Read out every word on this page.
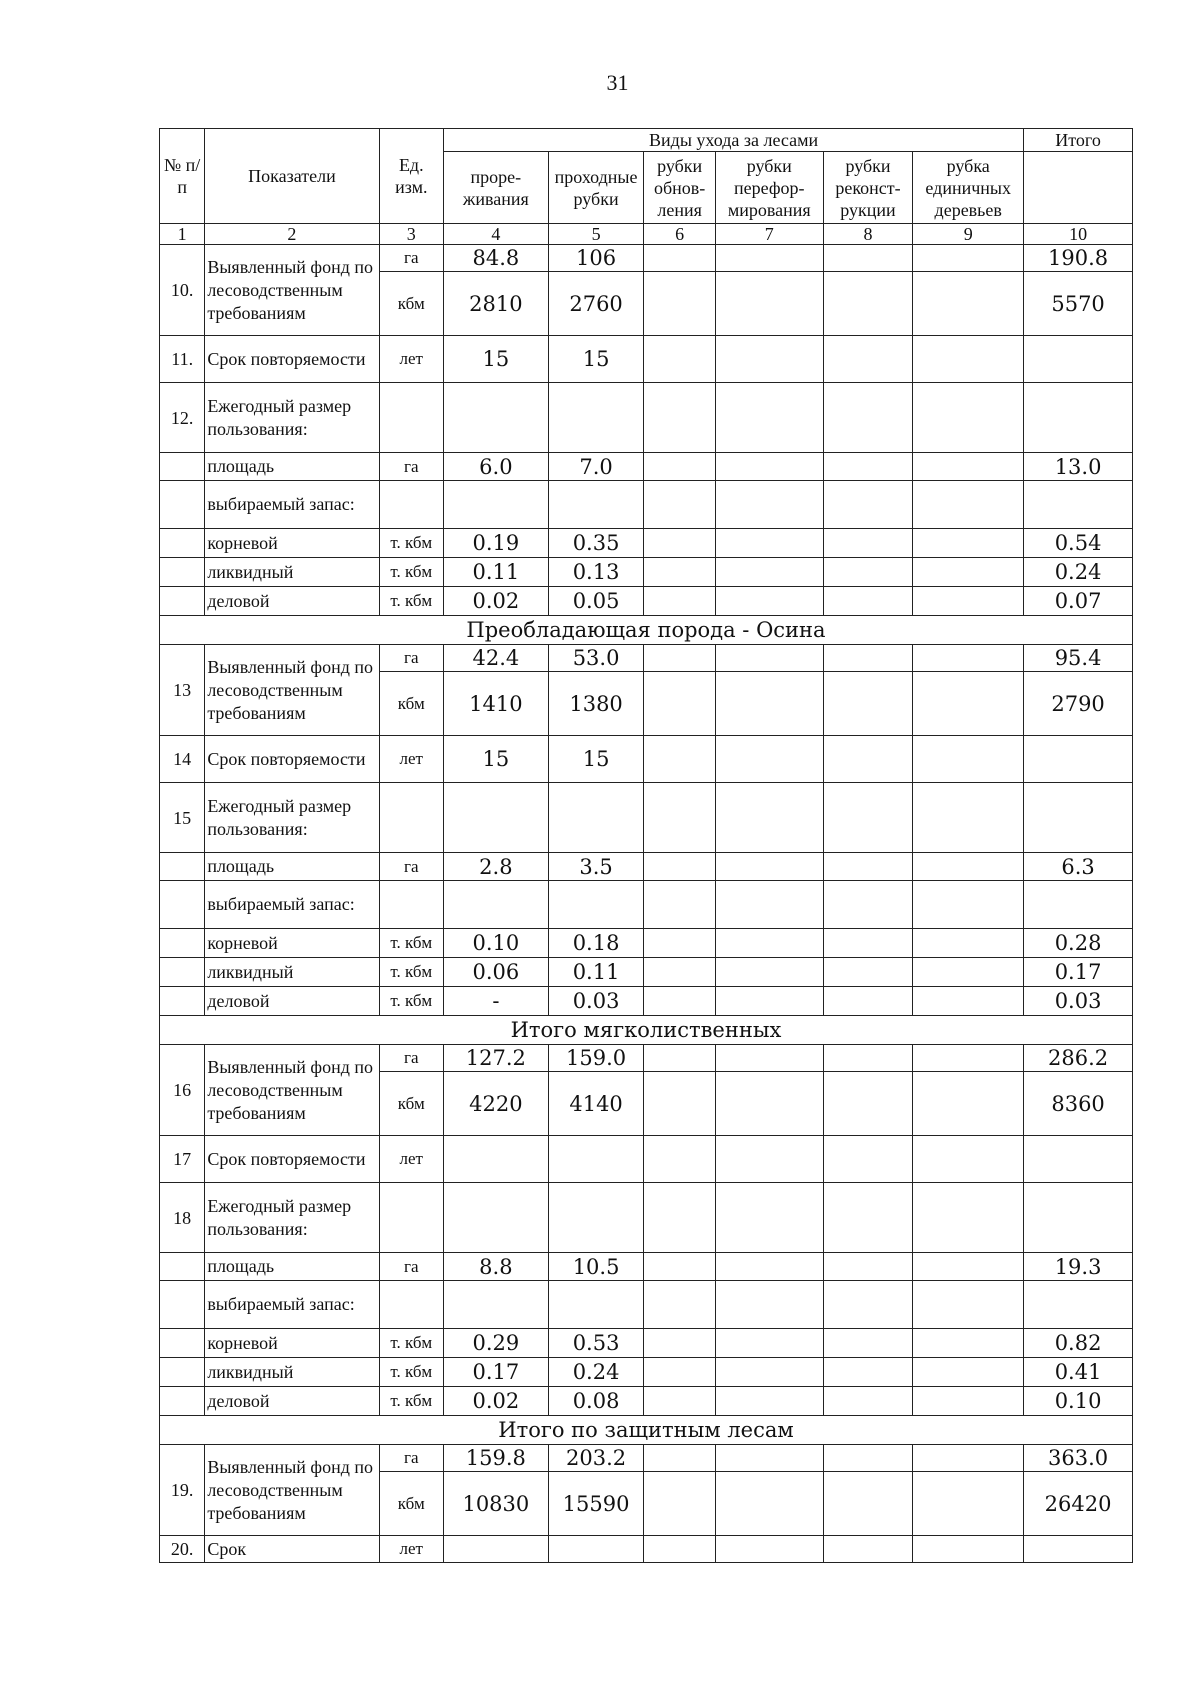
31
№ п/п	Показатели	Ед. изм.	Виды ухода за лесами						Итого
			проре-живания	проходные рубки	рубки обнов-ления	рубки перефор-мирования	рубки реконст-рукции	рубка единичных деревьев	
1	2	3	4	5	6	7	8	9	10
10.	Выявленный фонд по лесоводственным требованиям	га	84.8	106					190.8
		кбм	2810	2760					5570
11.	Срок повторяемости	лет	15	15					
12.	Ежегодный размер пользования:								
	площадь	га	6.0	7.0					13.0
	выбираемый запас:								
	корневой	т. кбм	0.19	0.35					0.54
	ликвидный	т. кбм	0.11	0.13					0.24
	деловой	т. кбм	0.02	0.05					0.07
Преобладающая порода - Осина									
13	Выявленный фонд по лесоводственным требованиям	га	42.4	53.0					95.4
		кбм	1410	1380					2790
14	Срок повторяемости	лет	15	15					
15	Ежегодный размер пользования:								
	площадь	га	2.8	3.5					6.3
	выбираемый запас:								
	корневой	т. кбм	0.10	0.18					0.28
	ликвидный	т. кбм	0.06	0.11					0.17
	деловой	т. кбм	-	0.03					0.03
Итого мягколиственных									
16	Выявленный фонд по лесоводственным требованиям	га	127.2	159.0					286.2
		кбм	4220	4140					8360
17	Срок повторяемости	лет							
18	Ежегодный размер пользования:								
	площадь	га	8.8	10.5					19.3
	выбираемый запас:								
	корневой	т. кбм	0.29	0.53					0.82
	ликвидный	т. кбм	0.17	0.24					0.41
	деловой	т. кбм	0.02	0.08					0.10
Итого по защитным лесам									
19.	Выявленный фонд по лесоводственным требованиям	га	159.8	203.2					363.0
		кбм	10830	15590					26420
20.	Срок	лет							
